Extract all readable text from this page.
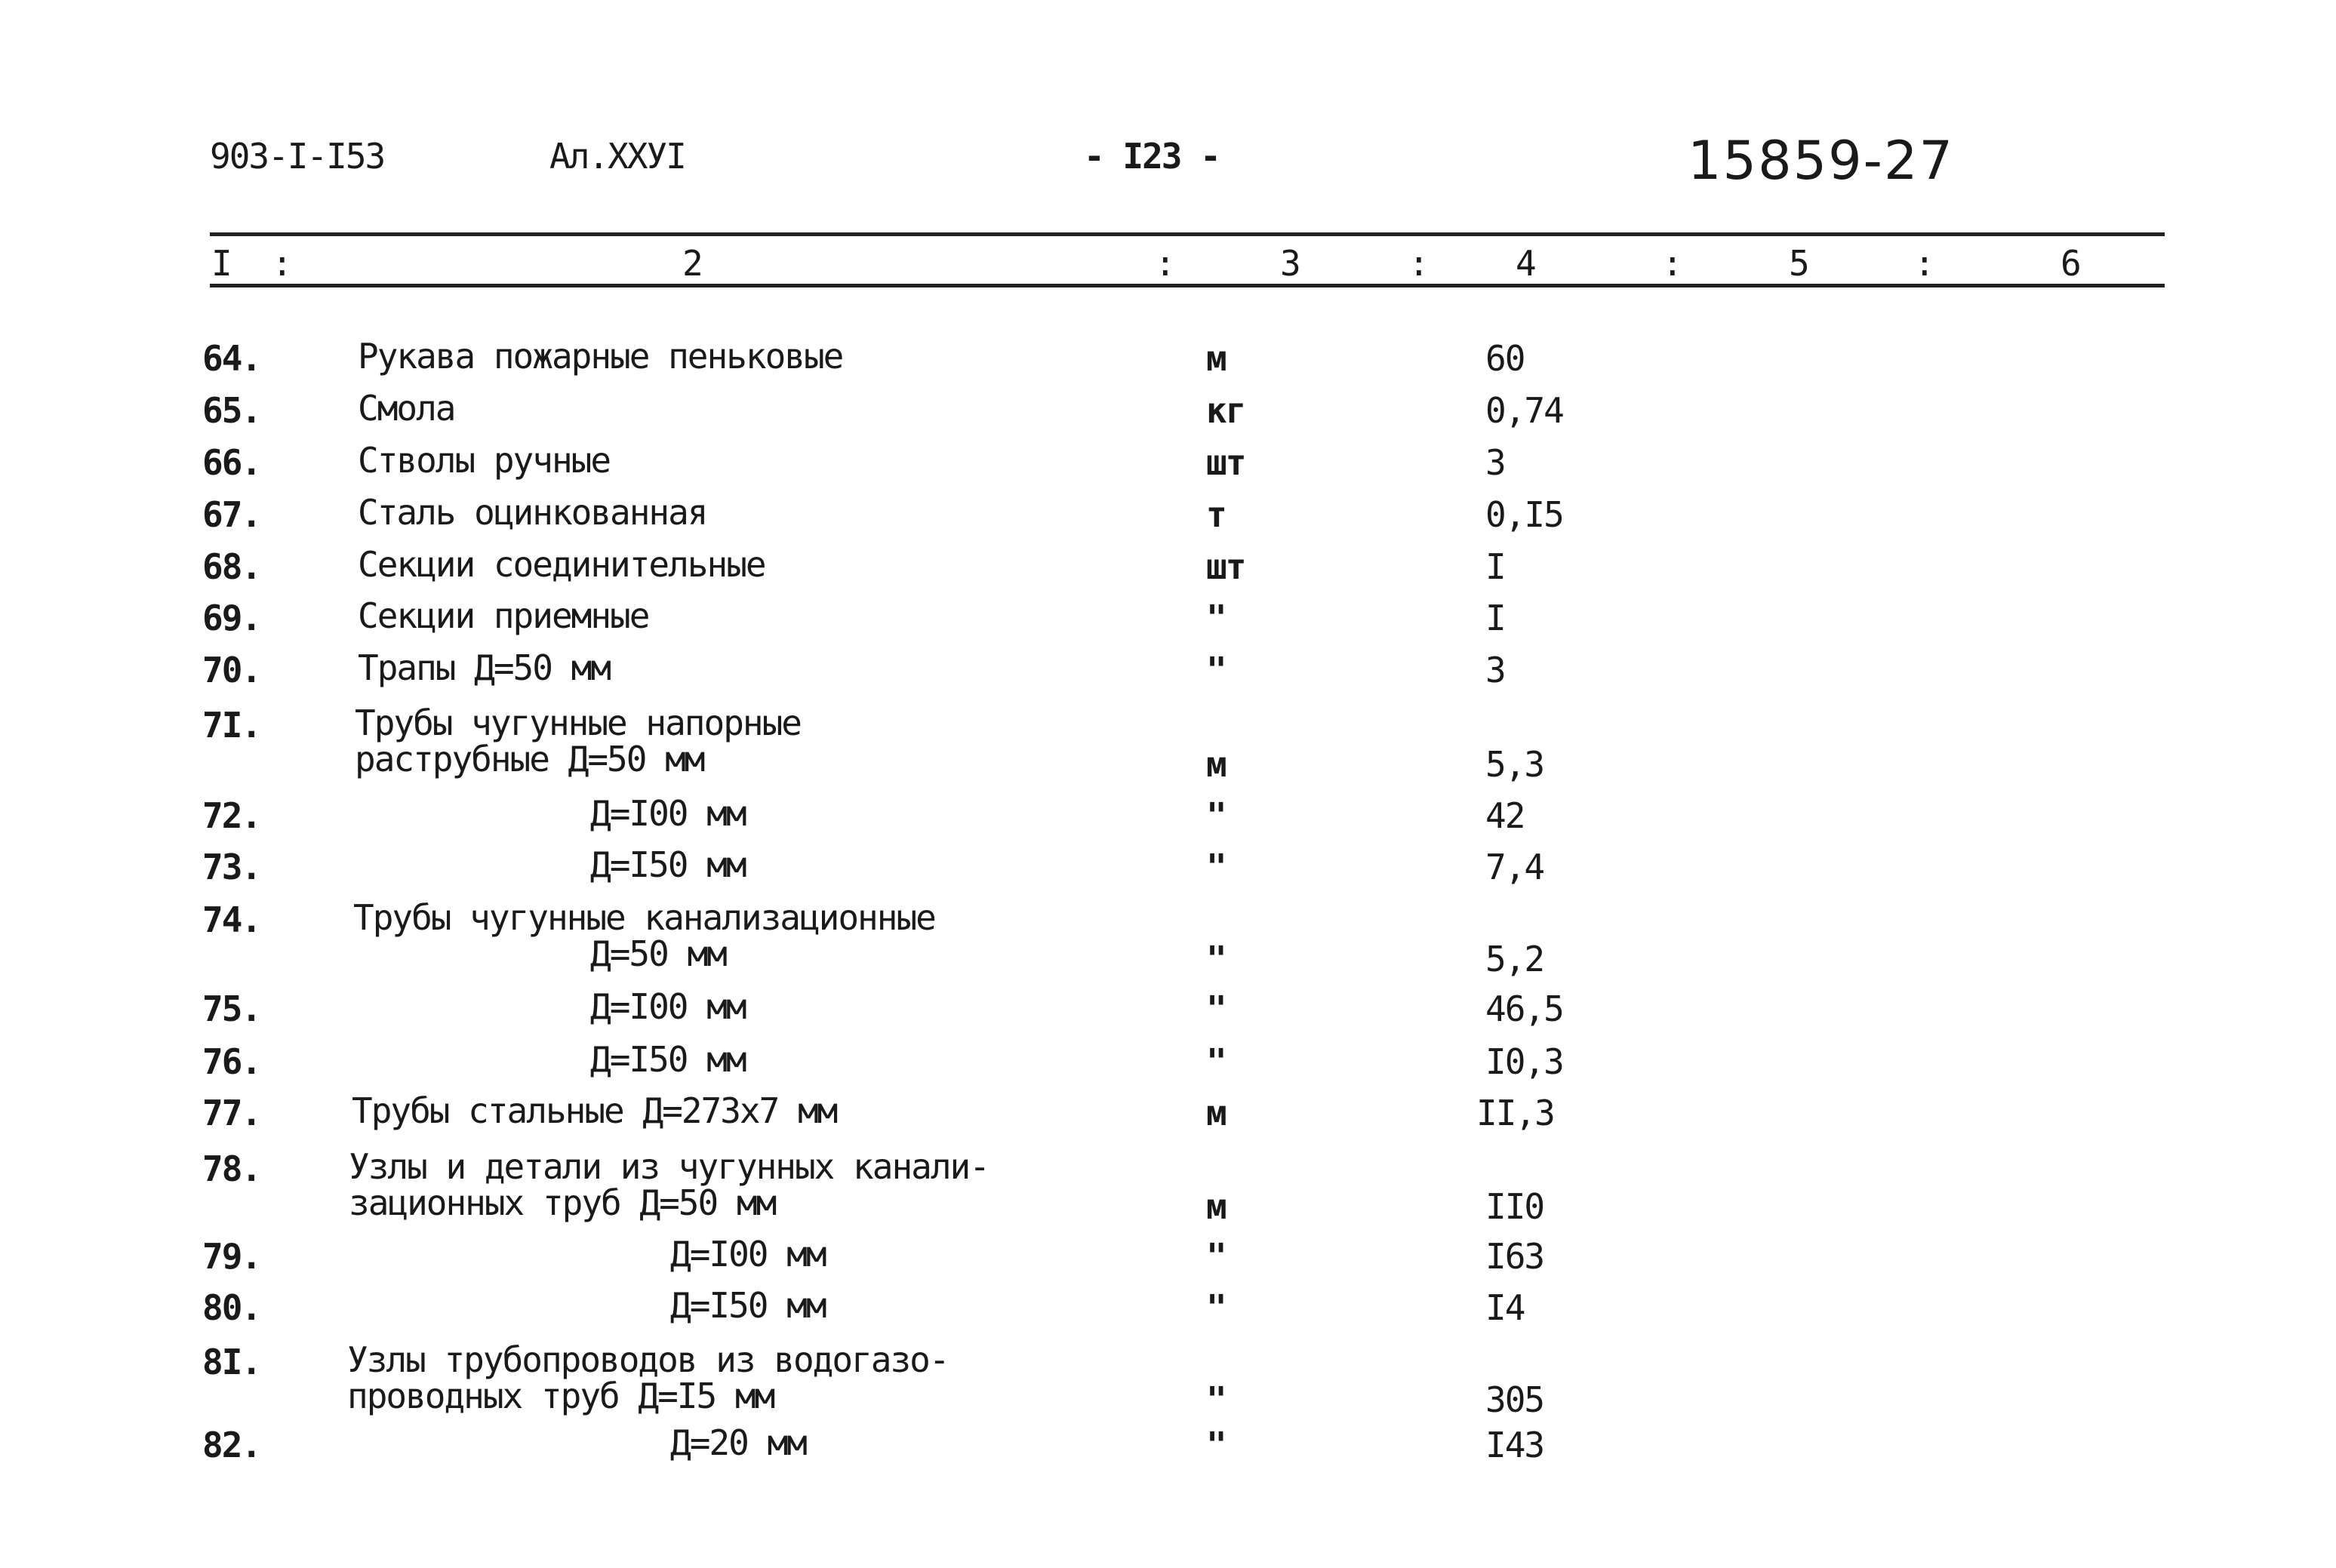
903-I-I53	Ал.XXУI	- I23 -	15859-27
I :	2	:	3	: 4	:	5	:	6
64.	Рукава пожарные пеньковые	м	60
65.	Смола	кг	0,74
66.	Стволы ручные	шт	3
67.	Сталь оцинкованная	т	0,I5
68.	Секции соединительные	шт	I
69.	Секции приемные	"	I
70.	Трапы Д=50 мм	"	3
7I.	Трубы чугунные напорные
раструбные Д=50 мм	м	5,3
72.	Д=I00 мм	"	42
73.	Д=I50 мм	"	7,4
74.	Трубы чугунные канализационные
Д=50 мм	"	5,2
75.	Д=I00 мм	"	46,5
76.	Д=I50 мм	"	I0,3
77.	Трубы стальные Д=273х7 мм	м	II,3
78.	Узлы и детали из чугунных канали-
зационных труб Д=50 мм	м	II0
79.	Д=I00 мм	"	I63
80.	Д=I50 мм	"	I4
8I. Узлы трубопроводов из водогазо-
проводных труб Д=I5 мм	"	305
82.	Д=20 мм	"	I43
